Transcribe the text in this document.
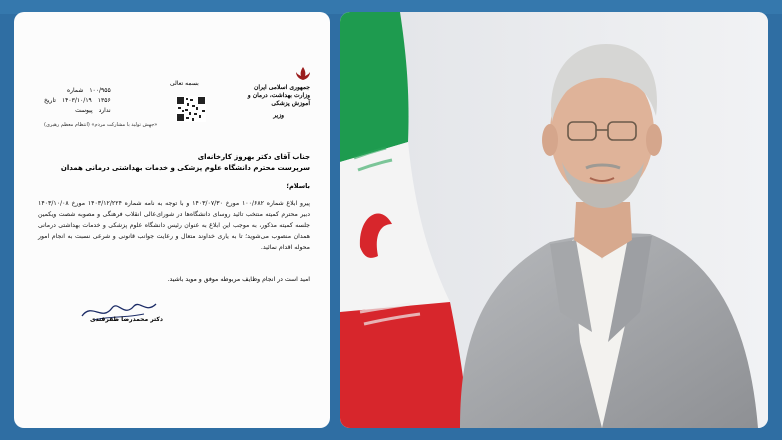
جمهوری اسلامی ایران
وزارت بهداشت، درمان و آموزش پزشکی
وزیر
بسمه تعالی
۱۰۰/۹۵۵
شماره
۱۳۵۶
۱۴۰۳/۱۰/۱۹
تاریخ
ندارد
پیوست
«جهش تولید با مشارکت مردم» (انتظام معظم رهبری)
جناب آقای دکتر بهروز کارخانه‌ای
سرپرست محترم دانشگاه علوم پزشکی و خدمات بهداشتی درمانی همدان
باسلام؛
پیرو ابلاغ شماره ۱۰۰/۶۸۲ مورخ ۱۴۰۳/۰۷/۳۰ و با توجه به نامه شماره ۱۴۰۳/۱۲/۲۲۴ مورخ ۱۴۰۳/۱۰/۰۸ دبیر محترم کمیته منتخب تائید روسای دانشگاه‌ها در شورای‌عالی انقلاب فرهنگی و مصوبه شصت ویکمین جلسه کمیته مذکور، به موجب این ابلاغ به عنوان رئیس دانشگاه علوم پزشکی و خدمات بهداشتی درمانی همدان منصوب می‌شوید؛ تا به یاری خداوند متعال و رعایت جوانب قانونی و شرعی نسبت به انجام امور محوله اقدام نمائید.
امید است در انجام وظایف مربوطه موفق و موید باشید.
دکتر محمدرضا ظفرقندی
